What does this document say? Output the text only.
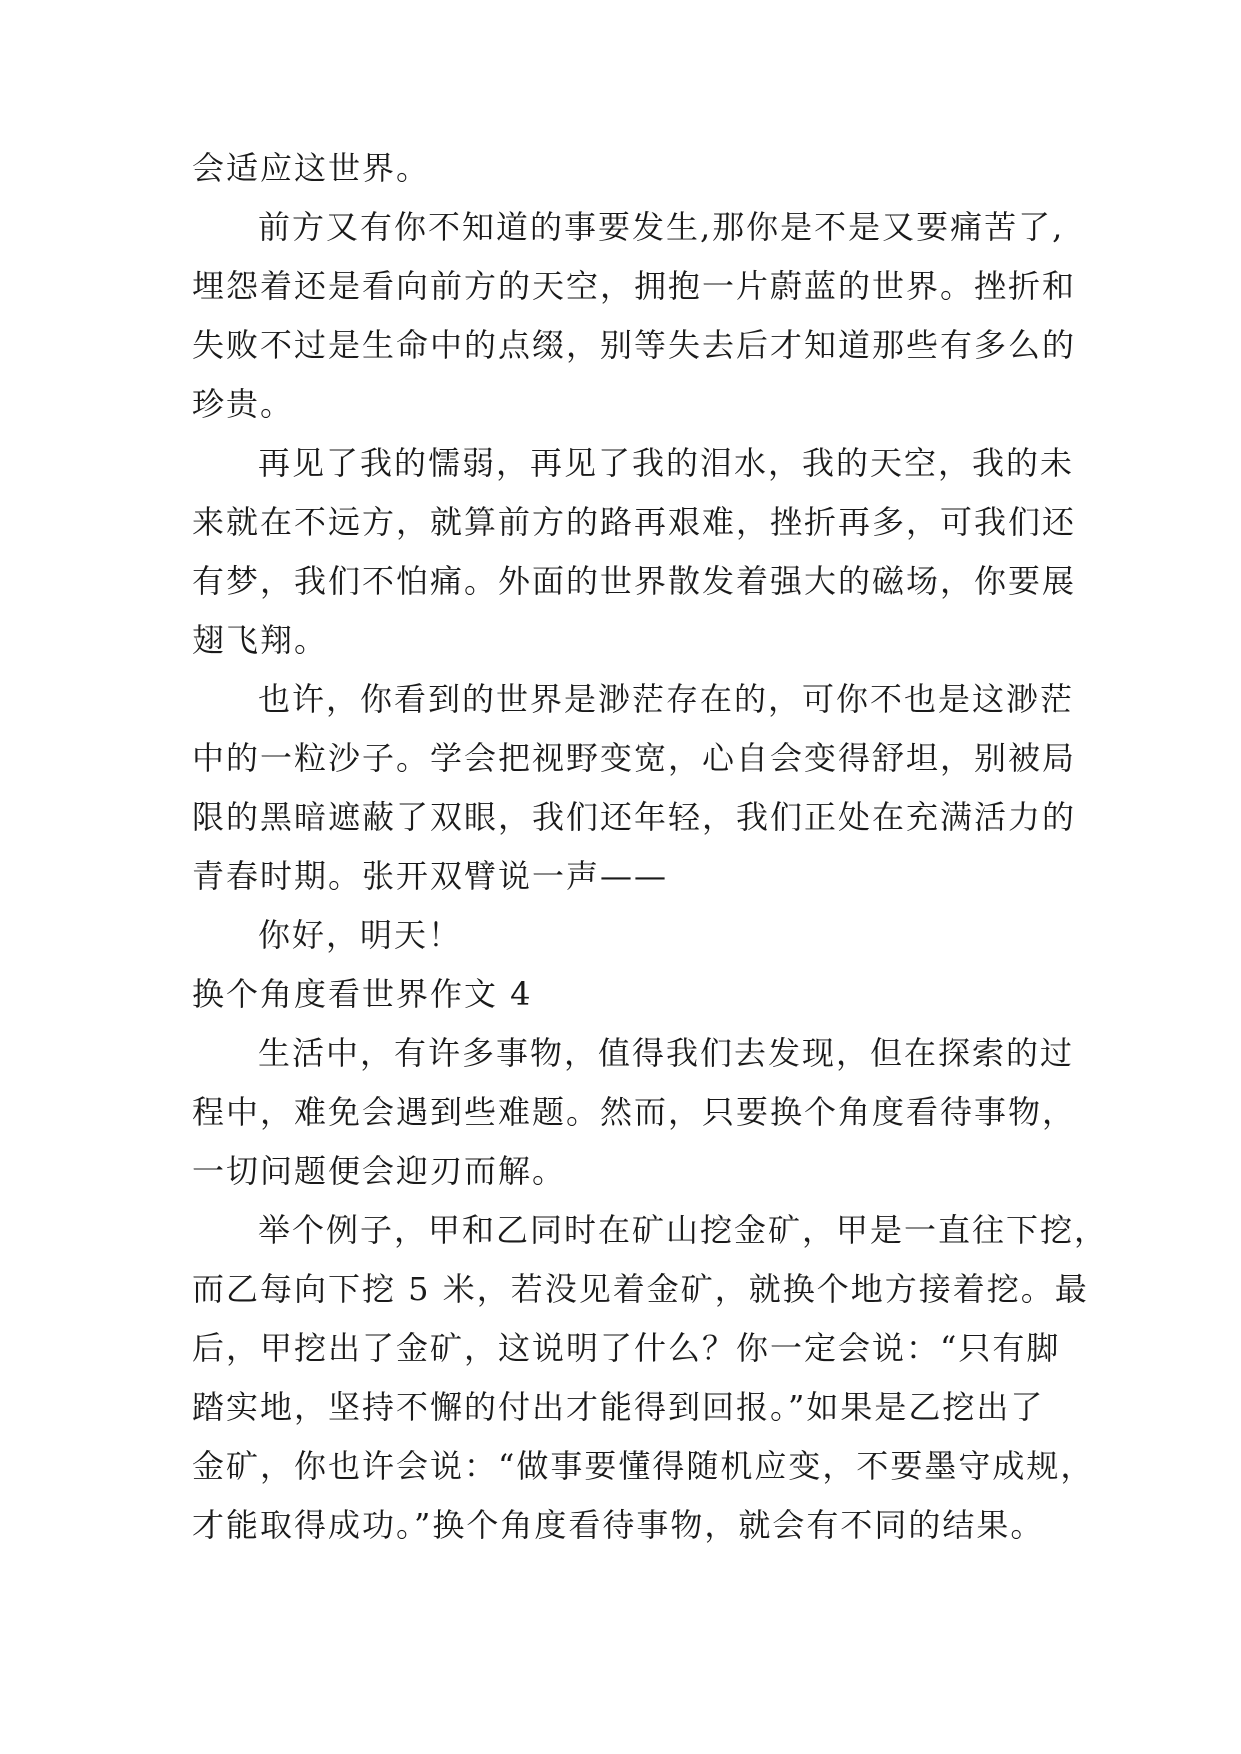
会适应这世界。
前方又有你不知道的事要发生,那你是不是又要痛苦了,
埋怨着还是看向前方的天空，拥抱一片蔚蓝的世界。挫折和
失败不过是生命中的点缀，别等失去后才知道那些有多么的
珍贵。
再见了我的懦弱，再见了我的泪水，我的天空，我的未
来就在不远方，就算前方的路再艰难，挫折再多，可我们还
有梦，我们不怕痛。外面的世界散发着强大的磁场，你要展
翅飞翔。
也许，你看到的世界是渺茫存在的，可你不也是这渺茫
中的一粒沙子。学会把视野变宽，心自会变得舒坦，别被局
限的黑暗遮蔽了双眼，我们还年轻，我们正处在充满活力的
青春时期。张开双臂说一声——
你好，明天！
换个角度看世界作文 4
生活中，有许多事物，值得我们去发现，但在探索的过
程中，难免会遇到些难题。然而，只要换个角度看待事物，
一切问题便会迎刃而解。
举个例子，甲和乙同时在矿山挖金矿，甲是一直往下挖，
而乙每向下挖 5 米，若没见着金矿，就换个地方接着挖。最
后，甲挖出了金矿，这说明了什么？你一定会说：“只有脚
踏实地，坚持不懈的付出才能得到回报。”如果是乙挖出了
金矿，你也许会说：“做事要懂得随机应变，不要墨守成规，
才能取得成功。”换个角度看待事物，就会有不同的结果。
